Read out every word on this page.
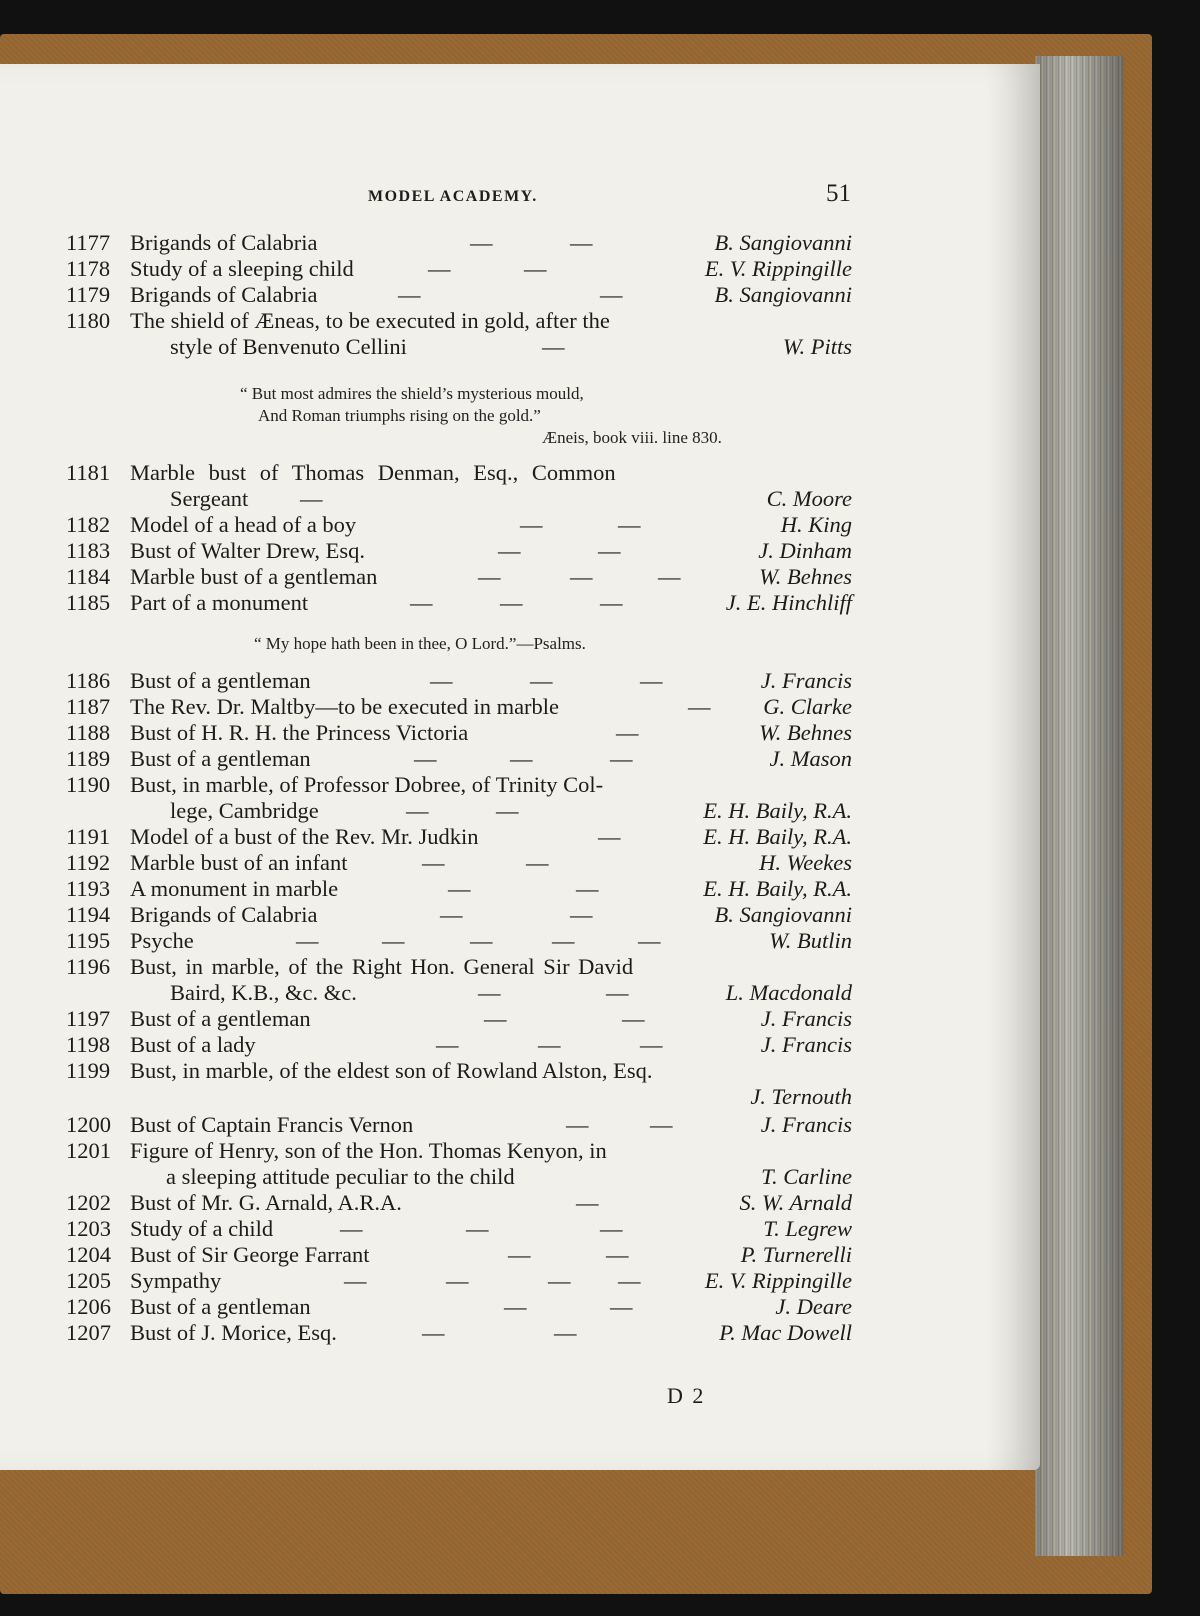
MODEL ACADEMY.	51
1177 Brigands of Calabria	—	—	B. Sangiovanni
1178 Study of a sleeping child	—	—	E. V. Rippingille
1179 Brigands of Calabria	—	—	B. Sangiovanni
1180 The shield of Æneas, to be executed in gold, after the
style of Benvenuto Cellini	—	W. Pitts
“ But most admires the shield’s mysterious mould,
And Roman triumphs rising on the gold.”
Æneis, book viii. line 830.
1181 Marble bust of Thomas Denman, Esq., Common
Sergeant —	C. Moore
1182 Model of a head of a boy	—	—	H. King
1183 Bust of Walter Drew, Esq.	—	—	J. Dinham
1184 Marble bust of a gentleman	—	—	—	W. Behnes
1185 Part of a monument	—	—	—	J. E. Hinchliff
“ My hope hath been in thee, O Lord.”—Psalms.
1186 Bust of a gentleman	—	—	—	J. Francis
1187 The Rev. Dr. Maltby—to be executed in marble	— G. Clarke
1188 Bust of H. R. H. the Princess Victoria	—	W. Behnes
1189 Bust of a gentleman	—	—	—	J. Mason
1190 Bust, in marble, of Professor Dobree, of Trinity Col-
lege, Cambridge	—	—	E. H. Baily, R.A.
1191 Model of a bust of the Rev. Mr. Judkin	—	E. H. Baily, R.A.
1192 Marble bust of an infant	—	—	H. Weekes
1193 A monument in marble	—	—	E. H. Baily, R.A.
1194 Brigands of Calabria	—	—	B. Sangiovanni
1195 Psyche	—	—	—	—	—	W. Butlin
1196 Bust, in marble, of the Right Hon. General Sir David
Baird, K.B., &c. &c.	—	—	L. Macdonald
1197 Bust of a gentleman	—	—	J. Francis
1198 Bust of a lady	—	—	—	J. Francis
1199 Bust, in marble, of the eldest son of Rowland Alston, Esq.
J. Ternouth
1200 Bust of Captain Francis Vernon	—	—	J. Francis
1201 Figure of Henry, son of the Hon. Thomas Kenyon, in
a sleeping attitude peculiar to the child	T. Carline
1202 Bust of Mr. G. Arnald, A.R.A.	—	S. W. Arnald
1203 Study of a child	—	—	—	T. Legrew
1204 Bust of Sir George Farrant	—	—	P. Turnerelli
1205 Sympathy	—	—	— —	E. V. Rippingille
1206 Bust of a gentleman	—	—	J. Deare
1207 Bust of J. Morice, Esq.	—	—	P. Mac Dowell
D 2
